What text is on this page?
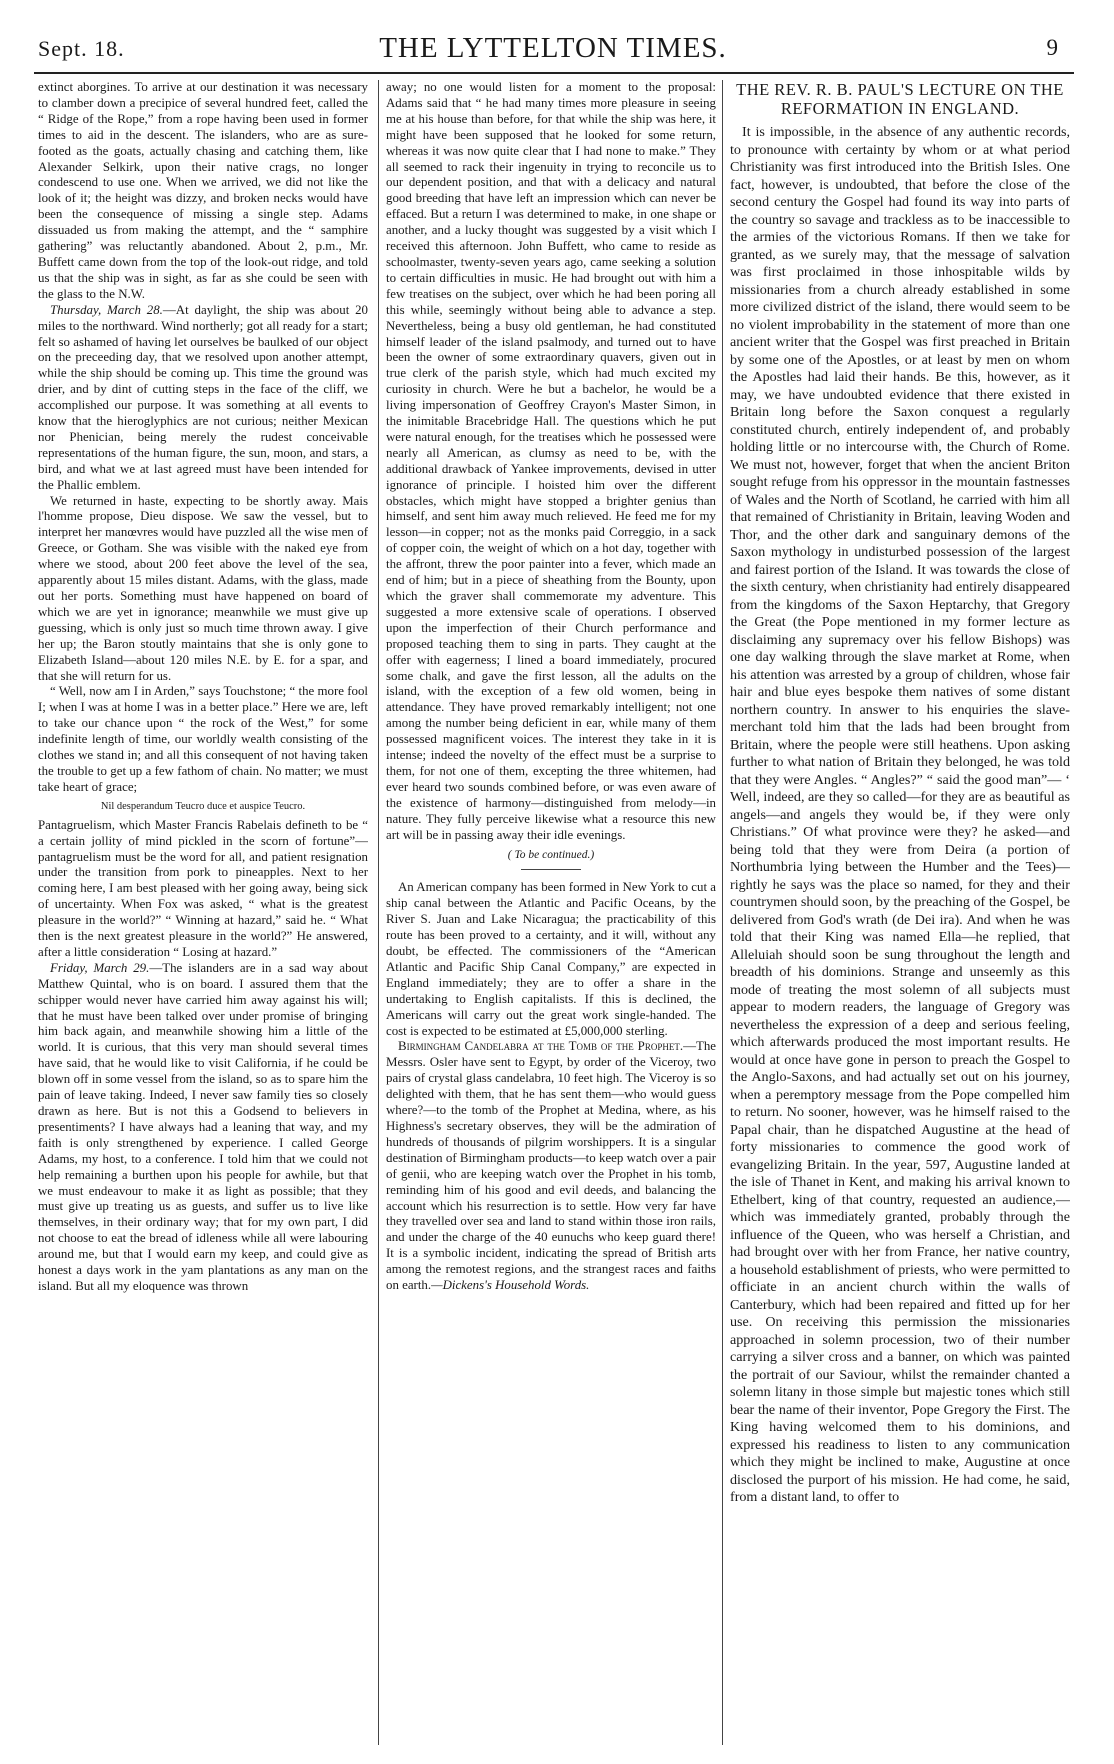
Sept. 18.	THE LYTTELTON TIMES.	9

extinct aborgines. To arrive at our destination it was necessary to clamber down a precipice of several hundred feet, called the “ Ridge of the Rope,” from a rope having been used in former times to aid in the descent. The islanders, who are as sure-footed as the goats, actually chasing and catching them, like Alexander Selkirk, upon their native crags, no longer condescend to use one. When we arrived, we did not like the look of it; the height was dizzy, and broken necks would have been the consequence of missing a single step. Adams dissuaded us from making the attempt, and the “ samphire gathering” was reluctantly abandoned. About 2, p.m., Mr. Buffett came down from the top of the look-out ridge, and told us that the ship was in sight, as far as she could be seen with the glass to the N.W.

Thursday, March 28.—At daylight, the ship was about 20 miles to the northward. Wind northerly; got all ready for a start; felt so ashamed of having let ourselves be baulked of our object on the preceeding day, that we resolved upon another attempt, while the ship should be coming up. This time the ground was drier, and by dint of cutting steps in the face of the cliff, we accomplished our purpose. It was something at all events to know that the hieroglyphics are not curious; neither Mexican nor Phenician, being merely the rudest conceivable representations of the human figure, the sun, moon, and stars, a bird, and what we at last agreed must have been intended for the Phallic emblem.

We returned in haste, expecting to be shortly away. Mais l'homme propose, Dieu dispose. We saw the vessel, but to interpret her manœvres would have puzzled all the wise men of Greece, or Gotham. She was visible with the naked eye from where we stood, about 200 feet above the level of the sea, apparently about 15 miles distant. Adams, with the glass, made out her ports. Something must have happened on board of which we are yet in ignorance; meanwhile we must give up guessing, which is only just so much time thrown away. I give her up; the Baron stoutly maintains that she is only gone to Elizabeth Island—about 120 miles N.E. by E. for a spar, and that she will return for us.

“ Well, now am I in Arden,” says Touchstone; “ the more fool I; when I was at home I was in a better place.” Here we are, left to take our chance upon “ the rock of the West,” for some indefinite length of time, our worldly wealth consisting of the clothes we stand in; and all this consequent of not having taken the trouble to get up a few fathom of chain. No matter; we must take heart of grace;

Nil desperandum Teucro duce et auspice Teucro.

Pantagruelism, which Master Francis Rabelais defineth to be “ a certain jollity of mind pickled in the scorn of fortune”—pantagruelism must be the word for all, and patient resignation under the transition from pork to pineapples. Next to her coming here, I am best pleased with her going away, being sick of uncertainty. When Fox was asked, “ what is the greatest pleasure in the world?” “ Winning at hazard,” said he. “ What then is the next greatest pleasure in the world?” He answered, after a little consideration “ Losing at hazard.”

Friday, March 29.—The islanders are in a sad way about Matthew Quintal, who is on board. I assured them that the schipper would never have carried him away against his will; that he must have been talked over under promise of bringing him back again, and meanwhile showing him a little of the world. It is curious, that this very man should several times have said, that he would like to visit California, if he could be blown off in some vessel from the island, so as to spare him the pain of leave taking. Indeed, I never saw family ties so closely drawn as here. But is not this a Godsend to believers in presentiments? I have always had a leaning that way, and my faith is only strengthened by experience. I called George Adams, my host, to a conference. I told him that we could not help remaining a burthen upon his people for awhile, but that we must endeavour to make it as light as possible; that they must give up treating us as guests, and suffer us to live like themselves, in their ordinary way; that for my own part, I did not choose to eat the bread of idleness while all were labouring around me, but that I would earn my keep, and could give as honest a days work in the yam plantations as any man on the island. But all my eloquence was thrown

away; no one would listen for a moment to the proposal: Adams said that “ he had many times more pleasure in seeing me at his house than before, for that while the ship was here, it might have been supposed that he looked for some return, whereas it was now quite clear that I had none to make.” They all seemed to rack their ingenuity in trying to reconcile us to our dependent position, and that with a delicacy and natural good breeding that have left an impression which can never be effaced. But a return I was determined to make, in one shape or another, and a lucky thought was suggested by a visit which I received this afternoon. John Buffett, who came to reside as schoolmaster, twenty-seven years ago, came seeking a solution to certain difficulties in music. He had brought out with him a few treatises on the subject, over which he had been poring all this while, seemingly without being able to advance a step. Nevertheless, being a busy old gentleman, he had constituted himself leader of the island psalmody, and turned out to have been the owner of some extraordinary quavers, given out in true clerk of the parish style, which had much excited my curiosity in church. Were he but a bachelor, he would be a living impersonation of Geoffrey Crayon's Master Simon, in the inimitable Bracebridge Hall. The questions which he put were natural enough, for the treatises which he possessed were nearly all American, as clumsy as need to be, with the additional drawback of Yankee improvements, devised in utter ignorance of principle. I hoisted him over the different obstacles, which might have stopped a brighter genius than himself, and sent him away much relieved. He feed me for my lesson—in copper; not as the monks paid Correggio, in a sack of copper coin, the weight of which on a hot day, together with the affront, threw the poor painter into a fever, which made an end of him; but in a piece of sheathing from the Bounty, upon which the graver shall commemorate my adventure. This suggested a more extensive scale of operations. I observed upon the imperfection of their Church performance and proposed teaching them to sing in parts. They caught at the offer with eagerness; I lined a board immediately, procured some chalk, and gave the first lesson, all the adults on the island, with the exception of a few old women, being in attendance. They have proved remarkably intelligent; not one among the number being deficient in ear, while many of them possessed magnificent voices. The interest they take in it is intense; indeed the novelty of the effect must be a surprise to them, for not one of them, excepting the three whitemen, had ever heard two sounds combined before, or was even aware of the existence of harmony—distinguished from melody—in nature. They fully perceive likewise what a resource this new art will be in passing away their idle evenings.

( To be continued.)

An American company has been formed in New York to cut a ship canal between the Atlantic and Pacific Oceans, by the River S. Juan and Lake Nicaragua; the practicability of this route has been proved to a certainty, and it will, without any doubt, be effected. The commissioners of the “American Atlantic and Pacific Ship Canal Company,” are expected in England immediately; they are to offer a share in the undertaking to English capitalists. If this is declined, the Americans will carry out the great work single-handed. The cost is expected to be estimated at £5,000,000 sterling.

Birmingham Candelabra at the Tomb of the Prophet.—The Messrs. Osler have sent to Egypt, by order of the Viceroy, two pairs of crystal glass candelabra, 10 feet high. The Viceroy is so delighted with them, that he has sent them—who would guess where?—to the tomb of the Prophet at Medina, where, as his Highness's secretary observes, they will be the admiration of hundreds of thousands of pilgrim worshippers. It is a singular destination of Birmingham products—to keep watch over a pair of genii, who are keeping watch over the Prophet in his tomb, reminding him of his good and evil deeds, and balancing the account which his resurrection is to settle. How very far have they travelled over sea and land to stand within those iron rails, and under the charge of the 40 eunuchs who keep guard there! It is a symbolic incident, indicating the spread of British arts among the remotest regions, and the strangest races and faiths on earth.—Dickens's Household Words.

THE REV. R. B. PAUL'S LECTURE ON THE REFORMATION IN ENGLAND.

It is impossible, in the absence of any authentic records, to pronounce with certainty by whom or at what period Christianity was first introduced into the British Isles. One fact, however, is undoubted, that before the close of the second century the Gospel had found its way into parts of the country so savage and trackless as to be inaccessible to the armies of the victorious Romans. If then we take for granted, as we surely may, that the message of salvation was first proclaimed in those inhospitable wilds by missionaries from a church already established in some more civilized district of the island, there would seem to be no violent improbability in the statement of more than one ancient writer that the Gospel was first preached in Britain by some one of the Apostles, or at least by men on whom the Apostles had laid their hands. Be this, however, as it may, we have undoubted evidence that there existed in Britain long before the Saxon conquest a regularly constituted church, entirely independent of, and probably holding little or no intercourse with, the Church of Rome. We must not, however, forget that when the ancient Briton sought refuge from his oppressor in the mountain fastnesses of Wales and the North of Scotland, he carried with him all that remained of Christianity in Britain, leaving Woden and Thor, and the other dark and sanguinary demons of the Saxon mythology in undisturbed possession of the largest and fairest portion of the Island. It was towards the close of the sixth century, when christianity had entirely disappeared from the kingdoms of the Saxon Heptarchy, that Gregory the Great (the Pope mentioned in my former lecture as disclaiming any supremacy over his fellow Bishops) was one day walking through the slave market at Rome, when his attention was arrested by a group of children, whose fair hair and blue eyes bespoke them natives of some distant northern country. In answer to his enquiries the slave-merchant told him that the lads had been brought from Britain, where the people were still heathens. Upon asking further to what nation of Britain they belonged, he was told that they were Angles. “ Angles?” “ said the good man”— ‘ Well, indeed, are they so called—for they are as beautiful as angels—and angels they would be, if they were only Christians.” Of what province were they? he asked—and being told that they were from Deira (a portion of Northumbria lying between the Humber and the Tees)—rightly he says was the place so named, for they and their countrymen should soon, by the preaching of the Gospel, be delivered from God's wrath (de Dei ira). And when he was told that their King was named Ella—he replied, that Alleluiah should soon be sung throughout the length and breadth of his dominions. Strange and unseemly as this mode of treating the most solemn of all subjects must appear to modern readers, the language of Gregory was nevertheless the expression of a deep and serious feeling, which afterwards produced the most important results. He would at once have gone in person to preach the Gospel to the Anglo-Saxons, and had actually set out on his journey, when a peremptory message from the Pope compelled him to return. No sooner, however, was he himself raised to the Papal chair, than he dispatched Augustine at the head of forty missionaries to commence the good work of evangelizing Britain. In the year, 597, Augustine landed at the isle of Thanet in Kent, and making his arrival known to Ethelbert, king of that country, requested an audience,—which was immediately granted, probably through the influence of the Queen, who was herself a Christian, and had brought over with her from France, her native country, a household establishment of priests, who were permitted to officiate in an ancient church within the walls of Canterbury, which had been repaired and fitted up for her use. On receiving this permission the missionaries approached in solemn procession, two of their number carrying a silver cross and a banner, on which was painted the portrait of our Saviour, whilst the remainder chanted a solemn litany in those simple but majestic tones which still bear the name of their inventor, Pope Gregory the First. The King having welcomed them to his dominions, and expressed his readiness to listen to any communication which they might be inclined to make, Augustine at once disclosed the purport of his mission. He had come, he said, from a distant land, to offer to
